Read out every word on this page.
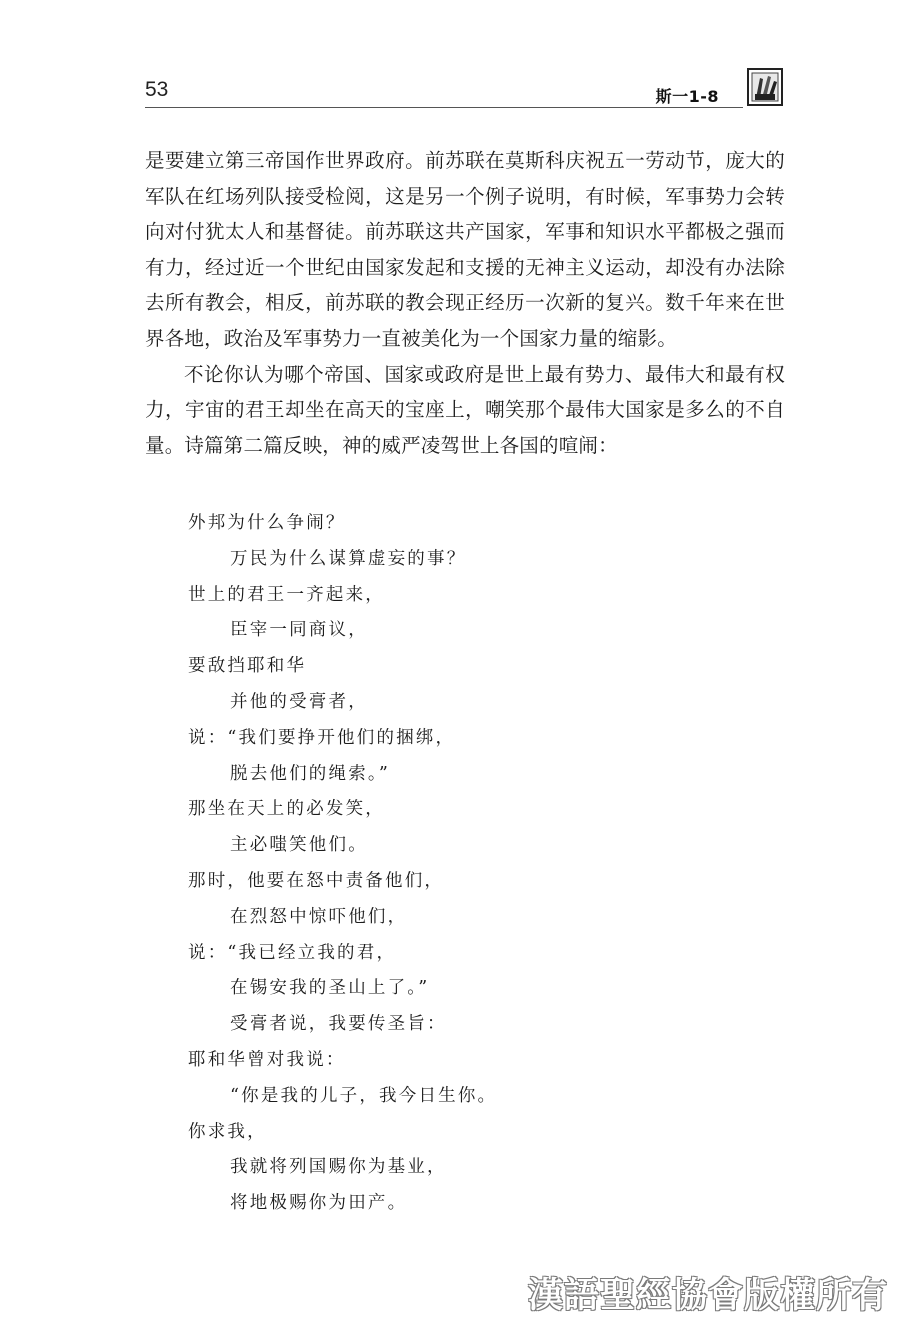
53	斯一1-8

是要建立第三帝国作世界政府。前苏联在莫斯科庆祝五一劳动节，庞大的军队在红场列队接受检阅，这是另一个例子说明，有时候，军事势力会转向对付犹太人和基督徒。前苏联这共产国家，军事和知识水平都极之强而有力，经过近一个世纪由国家发起和支援的无神主义运动，却没有办法除去所有教会，相反，前苏联的教会现正经历一次新的复兴。数千年来在世界各地，政治及军事势力一直被美化为一个国家力量的缩影。

不论你认为哪个帝国、国家或政府是世上最有势力、最伟大和最有权力，宇宙的君王却坐在高天的宝座上，嘲笑那个最伟大国家是多么的不自量。诗篇第二篇反映，神的威严凌驾世上各国的喧闹：

外邦为什么争闹？
万民为什么谋算虚妄的事？
世上的君王一齐起来，
臣宰一同商议，
要敌挡耶和华
并他的受膏者，
说：“我们要挣开他们的捆绑，
脱去他们的绳索。”
那坐在天上的必发笑，
主必嗤笑他们。
那时，他要在怒中责备他们，
在烈怒中惊吓他们，
说：“我已经立我的君，
在锡安我的圣山上了。”
受膏者说，我要传圣旨：
耶和华曾对我说：
“你是我的儿子，我今日生你。
你求我，
我就将列国赐你为基业，
将地极赐你为田产。
漢語聖經協會版權所有
